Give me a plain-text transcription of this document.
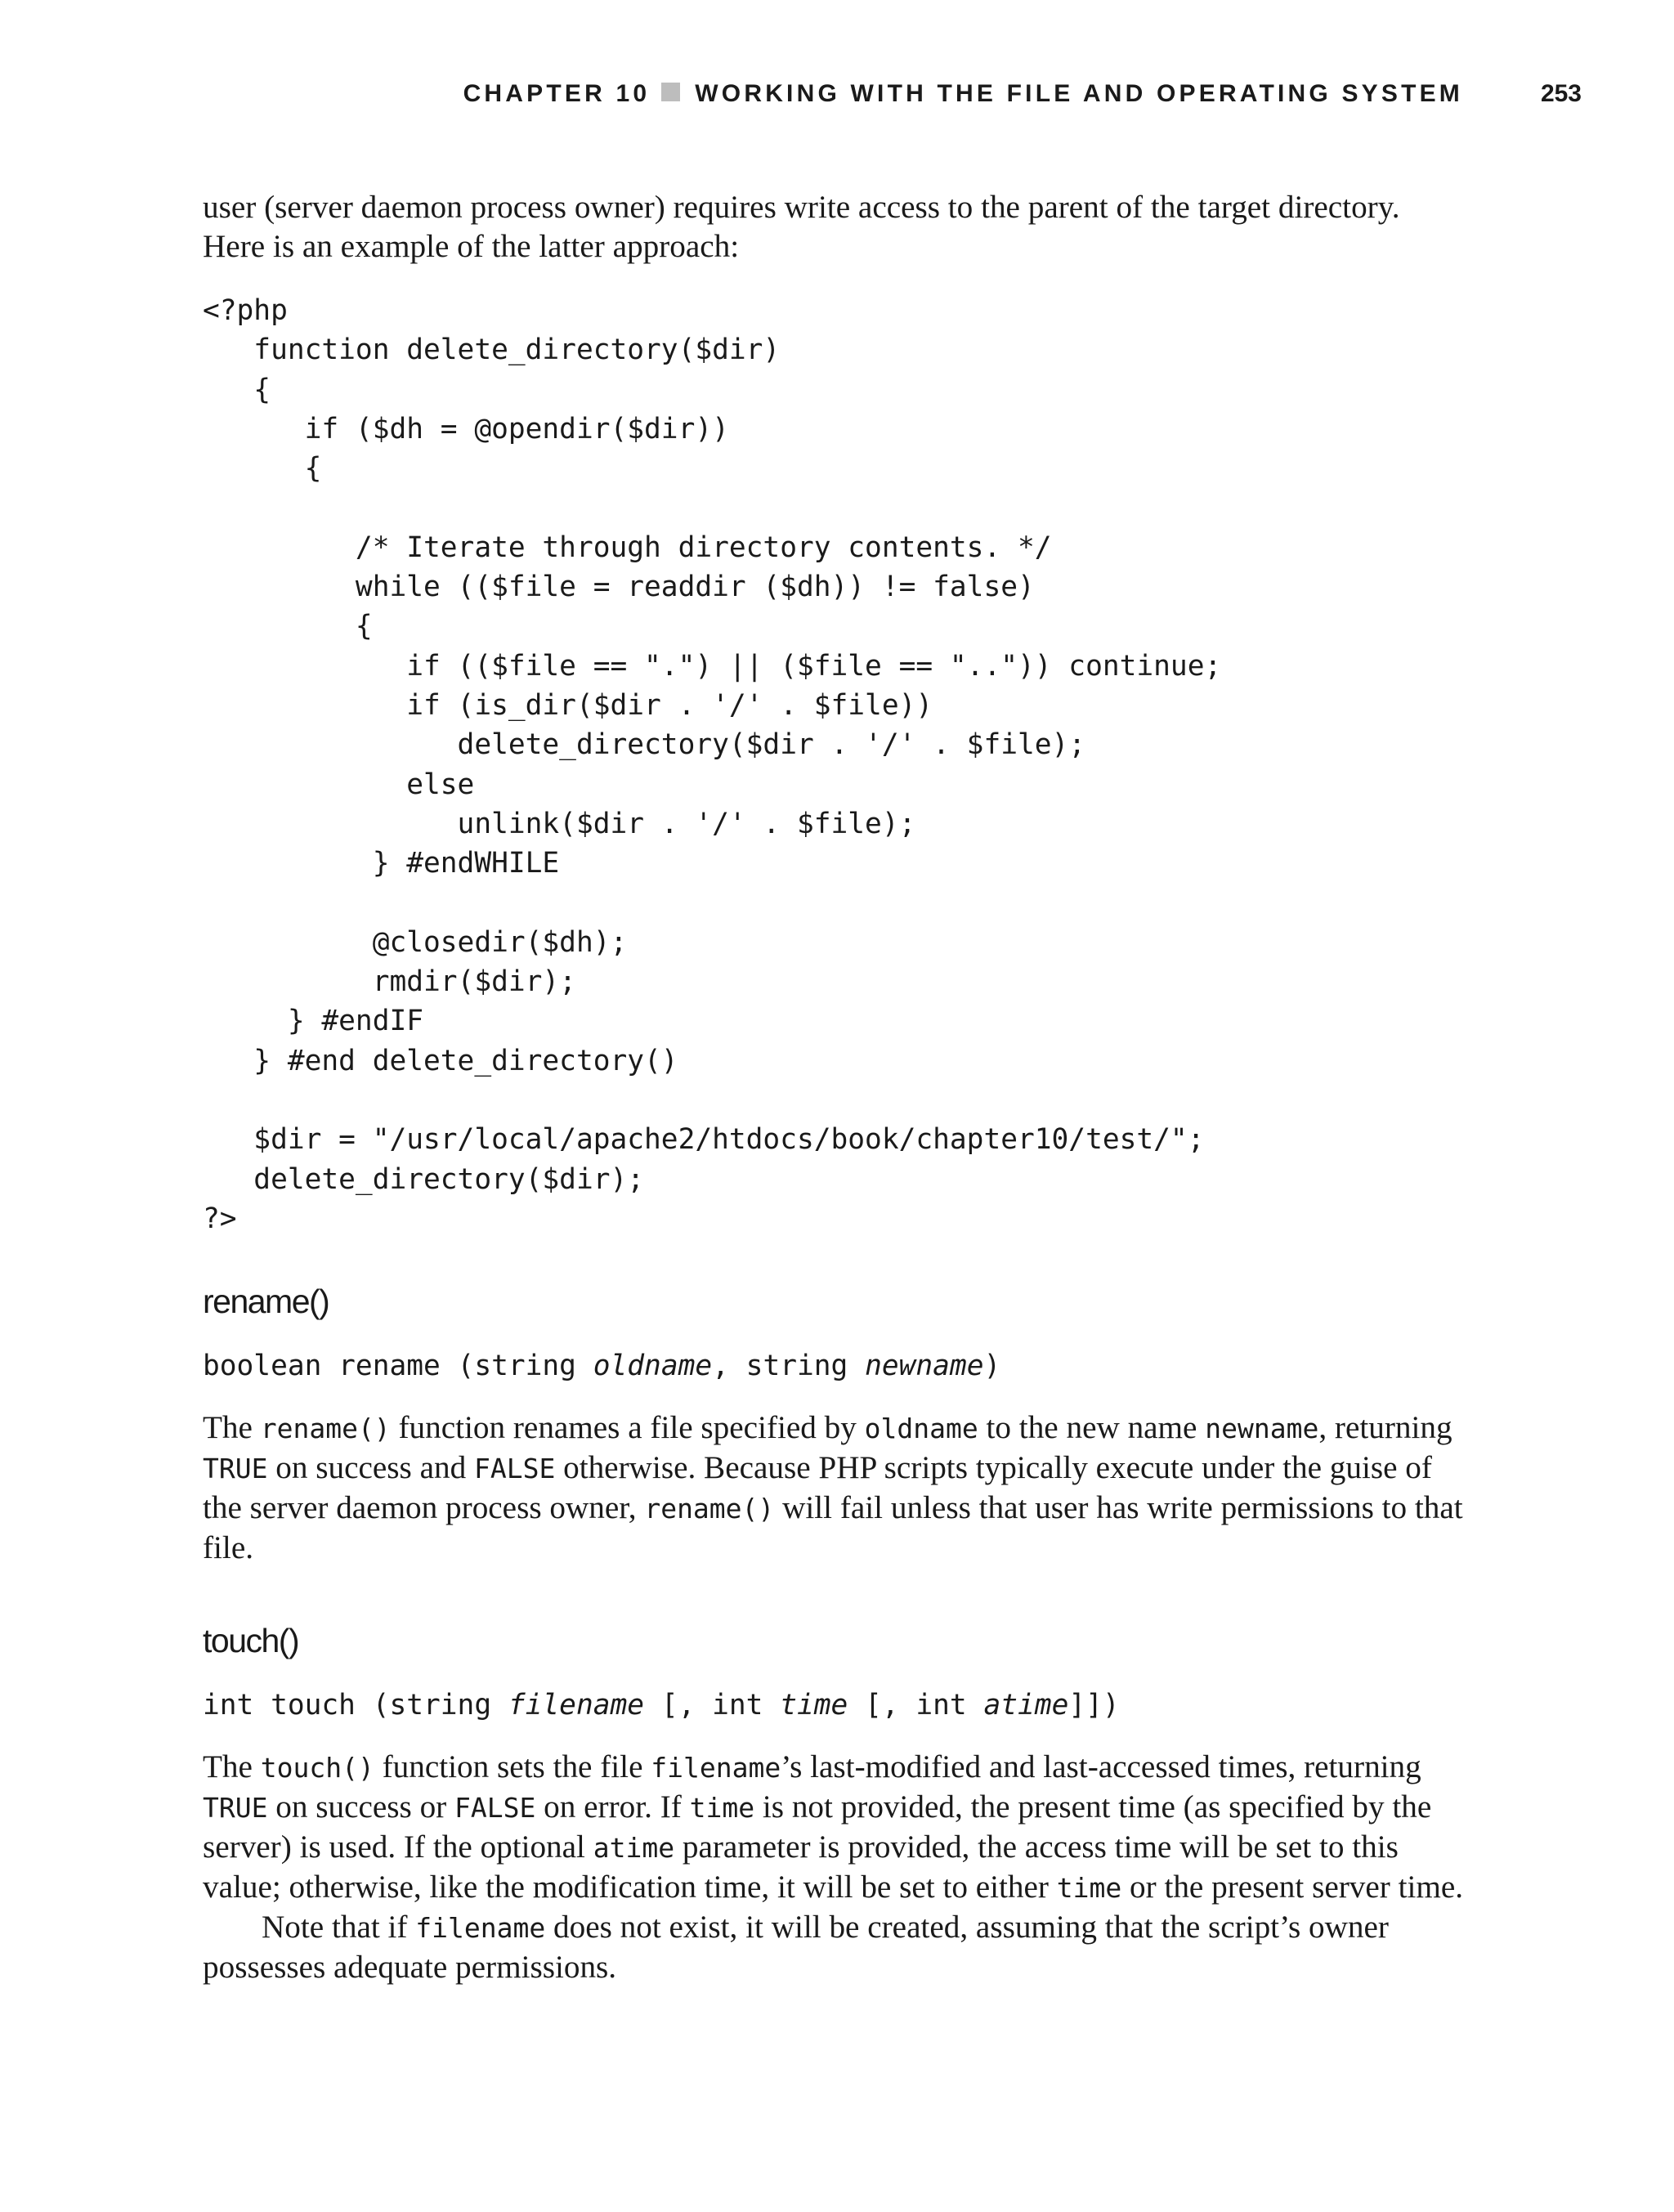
CHAPTER 10 WORKING WITH THE FILE AND OPERATING SYSTEM	253

user (server daemon process owner) requires write access to the parent of the target directory.
Here is an example of the latter approach:

<?php
function delete_directory($dir)
{
if ($dh = @opendir($dir))
{

/* Iterate through directory contents. */
while (($file = readdir ($dh)) != false)
{
if (($file == ".") || ($file == "..")) continue;
if (is_dir($dir . '/' . $file))
delete_directory($dir . '/' . $file);
else
unlink($dir . '/' . $file);
} #endWHILE

@closedir($dh);
rmdir($dir);
} #endIF
} #end delete_directory()

$dir = "/usr/local/apache2/htdocs/book/chapter10/test/";
delete_directory($dir);
?>
rename()
boolean rename (string oldname, string newname)

The rename() function renames a file specified by oldname to the new name newname, returning TRUE on success and FALSE otherwise. Because PHP scripts typically execute under the guise of the server daemon process owner, rename() will fail unless that user has write permissions to that file.

touch()
int touch (string filename [, int time [, int atime]])

The touch() function sets the file filename’s last-modified and last-accessed times, returning TRUE on success or FALSE on error. If time is not provided, the present time (as specified by the server) is used. If the optional atime parameter is provided, the access time will be set to this value; otherwise, like the modification time, it will be set to either time or the present server time.

Note that if filename does not exist, it will be created, assuming that the script’s owner possesses adequate permissions.
